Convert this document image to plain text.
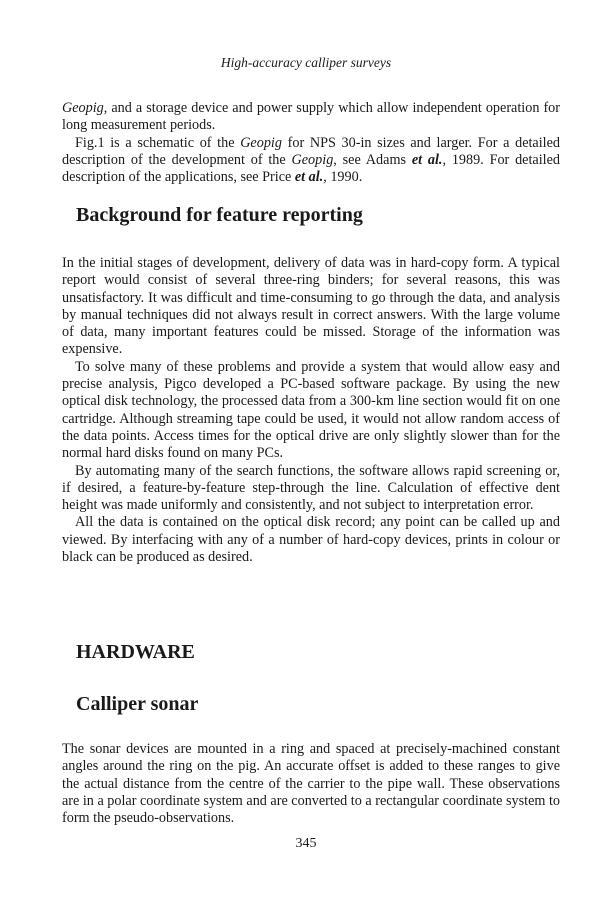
High-accuracy calliper surveys

Geopig, and a storage device and power supply which allow independent operation for long measurement periods.

Fig.1 is a schematic of the Geopig for NPS 30-in sizes and larger. For a detailed description of the development of the Geopig, see Adams et al., 1989. For detailed description of the applications, see Price et al., 1990.

Background for feature reporting

In the initial stages of development, delivery of data was in hard-copy form. A typical report would consist of several three-ring binders; for several reasons, this was unsatisfactory. It was difficult and time-consuming to go through the data, and analysis by manual techniques did not always result in correct answers. With the large volume of data, many important features could be missed. Storage of the information was expensive.

To solve many of these problems and provide a system that would allow easy and precise analysis, Pigco developed a PC-based software package. By using the new optical disk technology, the processed data from a 300-km line section would fit on one cartridge. Although streaming tape could be used, it would not allow random access of the data points. Access times for the optical drive are only slightly slower than for the normal hard disks found on many PCs.

By automating many of the search functions, the software allows rapid screening or, if desired, a feature-by-feature step-through the line. Calculation of effective dent height was made uniformly and consistently, and not subject to interpretation error.

All the data is contained on the optical disk record; any point can be called up and viewed. By interfacing with any of a number of hard-copy devices, prints in colour or black can be produced as desired.

HARDWARE
Calliper sonar

The sonar devices are mounted in a ring and spaced at precisely-machined constant angles around the ring on the pig. An accurate offset is added to these ranges to give the actual distance from the centre of the carrier to the pipe wall. These observations are in a polar coordinate system and are converted to a rectangular coordinate system to form the pseudo-observations.

345
